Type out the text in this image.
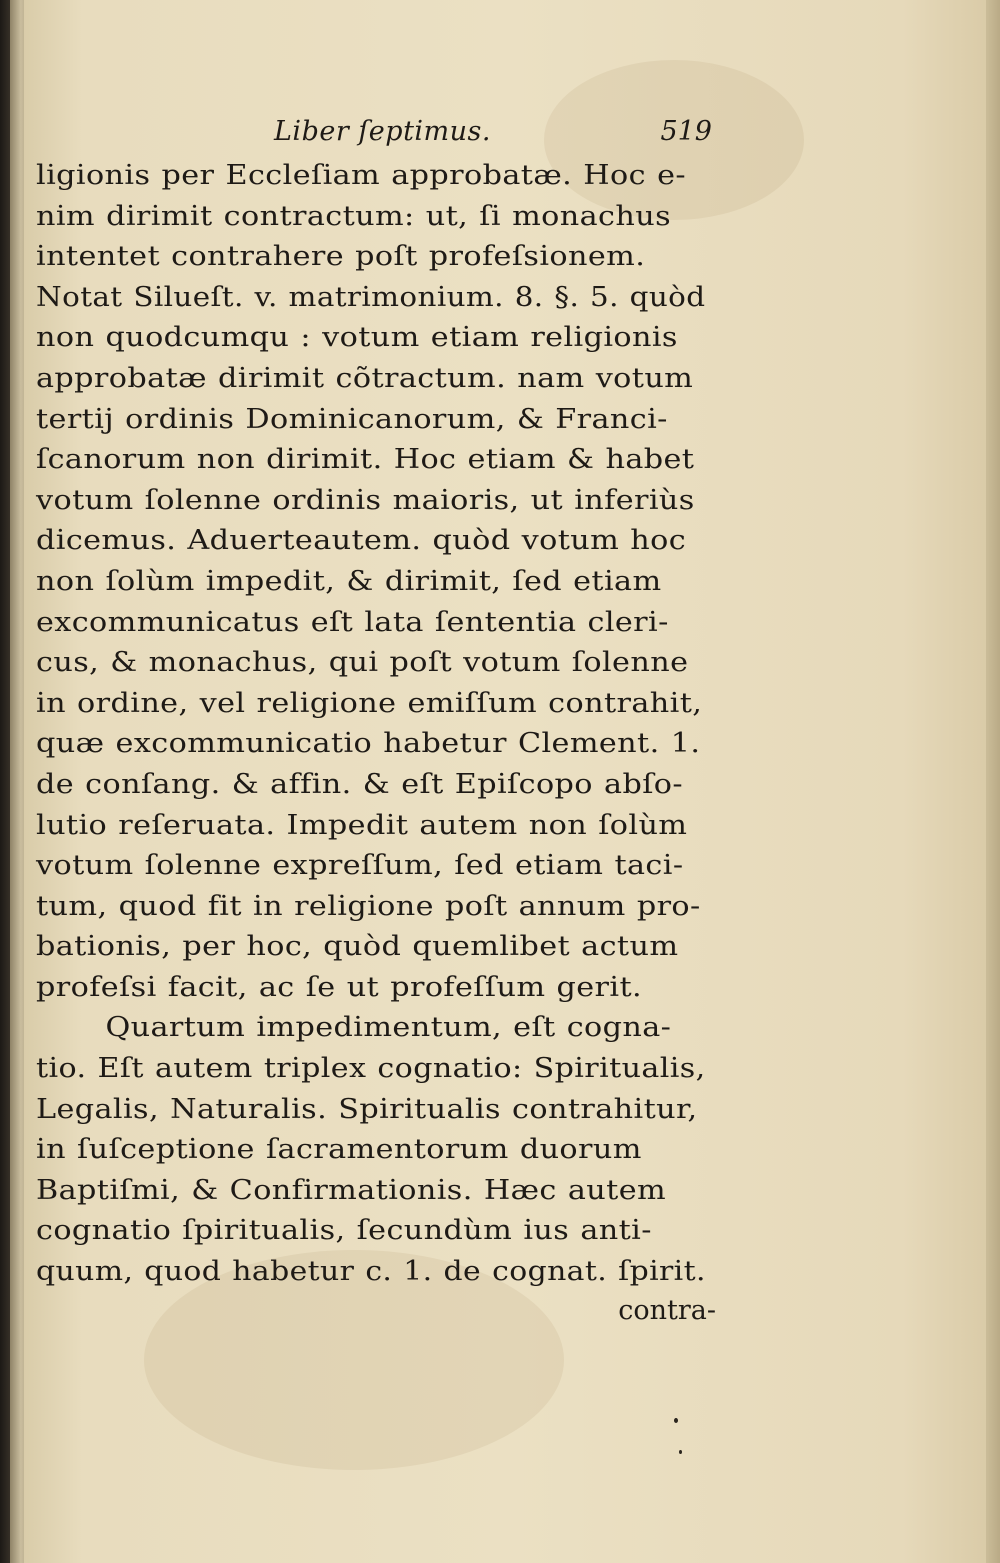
Liber ſeptimus.	519
ligionis per Eccleſiam approbatæ. Hoc e-
nim dirimit contractum: ut, ſi monachus
intentet contrahere poſt profeſsionem.
Notat Silueſt. v. matrimonium. 8. §. 5. quòd
non quodcumqu : votum etiam religionis
approbatæ dirimit cõtractum. nam votum
tertij ordinis Dominicanorum, & Franci-
ſcanorum non dirimit. Hoc etiam & habet
votum ſolenne ordinis maioris, ut inferiùs
dicemus. Aduerteautem. quòd votum hoc
non ſolùm impedit, & dirimit, ſed etiam
excommunicatus eſt lata ſententia cleri-
cus, & monachus, qui poſt votum ſolenne
in ordine, vel religione emiſſum contrahit,
quæ excommunicatio habetur Clement. 1.
de conſang. & affin. & eſt Epiſcopo abſo-
lutio reſeruata. Impedit autem non ſolùm
votum ſolenne expreſſum, ſed etiam taci-
tum, quod fit in religione poſt annum pro-
bationis, per hoc, quòd quemlibet actum
profeſsi facit, ac ſe ut profeſſum gerit.
Quartum impedimentum, eſt cogna-
tio. Eſt autem triplex cognatio: Spiritualis,
Legalis, Naturalis. Spiritualis contrahitur,
in ſuſceptione ſacramentorum duorum
Baptiſmi, & Confirmationis. Hæc autem
cognatio ſpiritualis, ſecundùm ius anti-
quum, quod habetur c. 1. de cognat. ſpirit.
contra-
